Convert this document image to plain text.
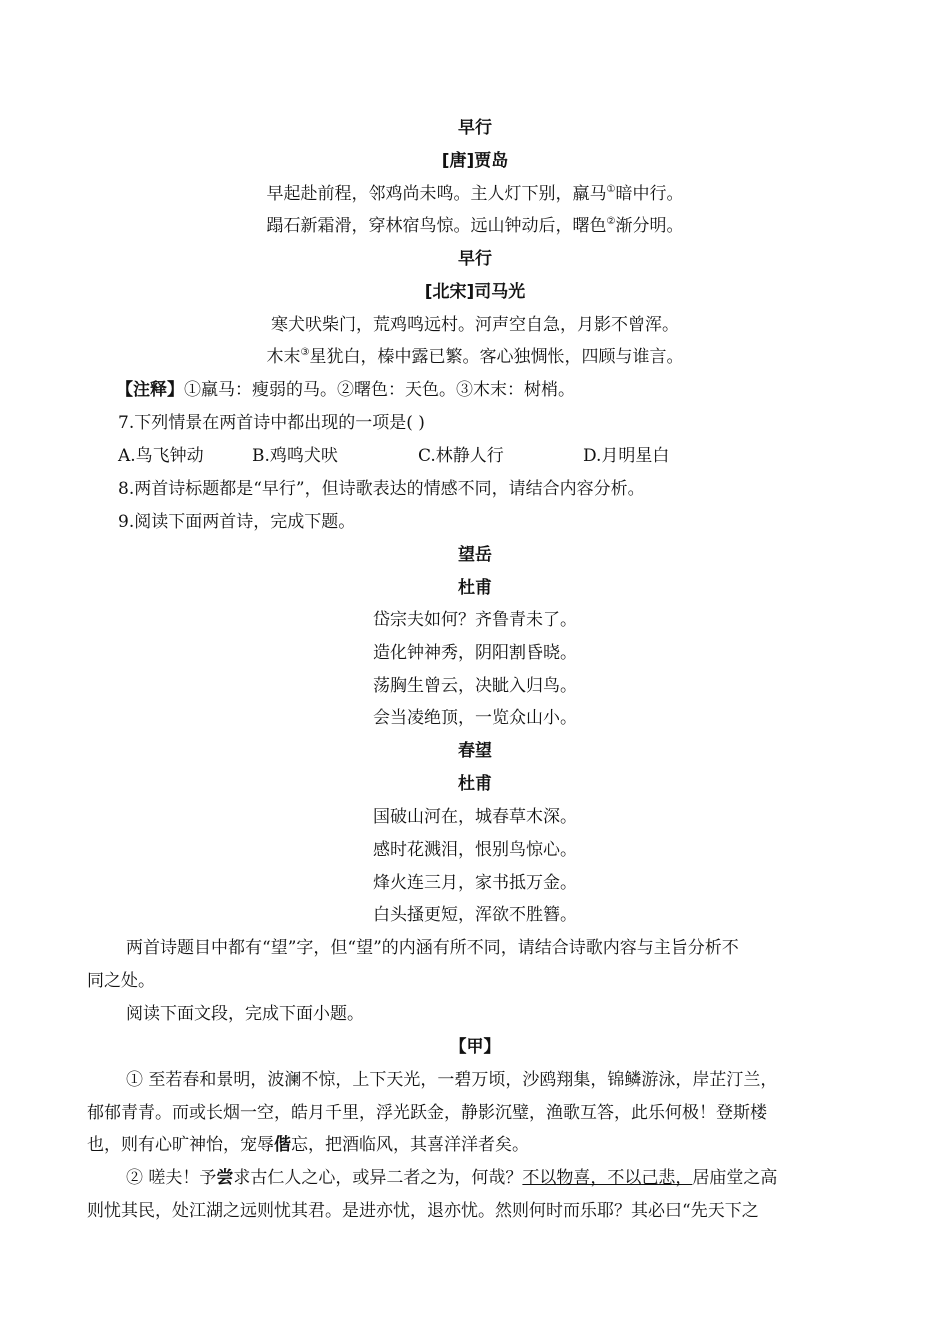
早行
[唐]贾岛
早起赴前程，邻鸡尚未鸣。主人灯下别，羸马①暗中行。
蹋石新霜滑，穿林宿鸟惊。远山钟动后，曙色②渐分明。
早行
[北宋]司马光
寒犬吠柴门，荒鸡鸣远村。河声空自急，月影不曾浑。
木末③星犹白，榛中露已繁。客心独惆怅，四顾与谁言。
【注释】①羸马：瘦弱的马。②曙色：天色。③木末：树梢。
7.下列情景在两首诗中都出现的一项是( )
A.鸟飞钟动	B.鸡鸣犬吠	C.林静人行	D.月明星白
8.两首诗标题都是“早行”，但诗歌表达的情感不同，请结合内容分析。
9.阅读下面两首诗，完成下题。
望岳
杜甫
岱宗夫如何？齐鲁青未了。
造化钟神秀，阴阳割昏晓。
荡胸生曾云，决眦入归鸟。
会当凌绝顶，一览众山小。
春望
杜甫
国破山河在，城春草木深。
感时花溅泪，恨别鸟惊心。
烽火连三月，家书抵万金。
白头搔更短，浑欲不胜簪。
两首诗题目中都有“望”字，但“望”的内涵有所不同，请结合诗歌内容与主旨分析不
同之处。
阅读下面文段，完成下面小题。
【甲】
① 至若春和景明，波澜不惊，上下天光，一碧万顷，沙鸥翔集，锦鳞游泳，岸芷汀兰，
郁郁青青。而或长烟一空，皓月千里，浮光跃金，静影沉璧，渔歌互答，此乐何极！登斯楼
也，则有心旷神怡，宠辱偕忘，把酒临风，其喜洋洋者矣。
② 嗟夫！予尝求古仁人之心，或异二者之为，何哉？不以物喜，不以己悲，居庙堂之高
则忧其民，处江湖之远则忧其君。是进亦忧，退亦忧。然则何时而乐耶？其必曰“先天下之
